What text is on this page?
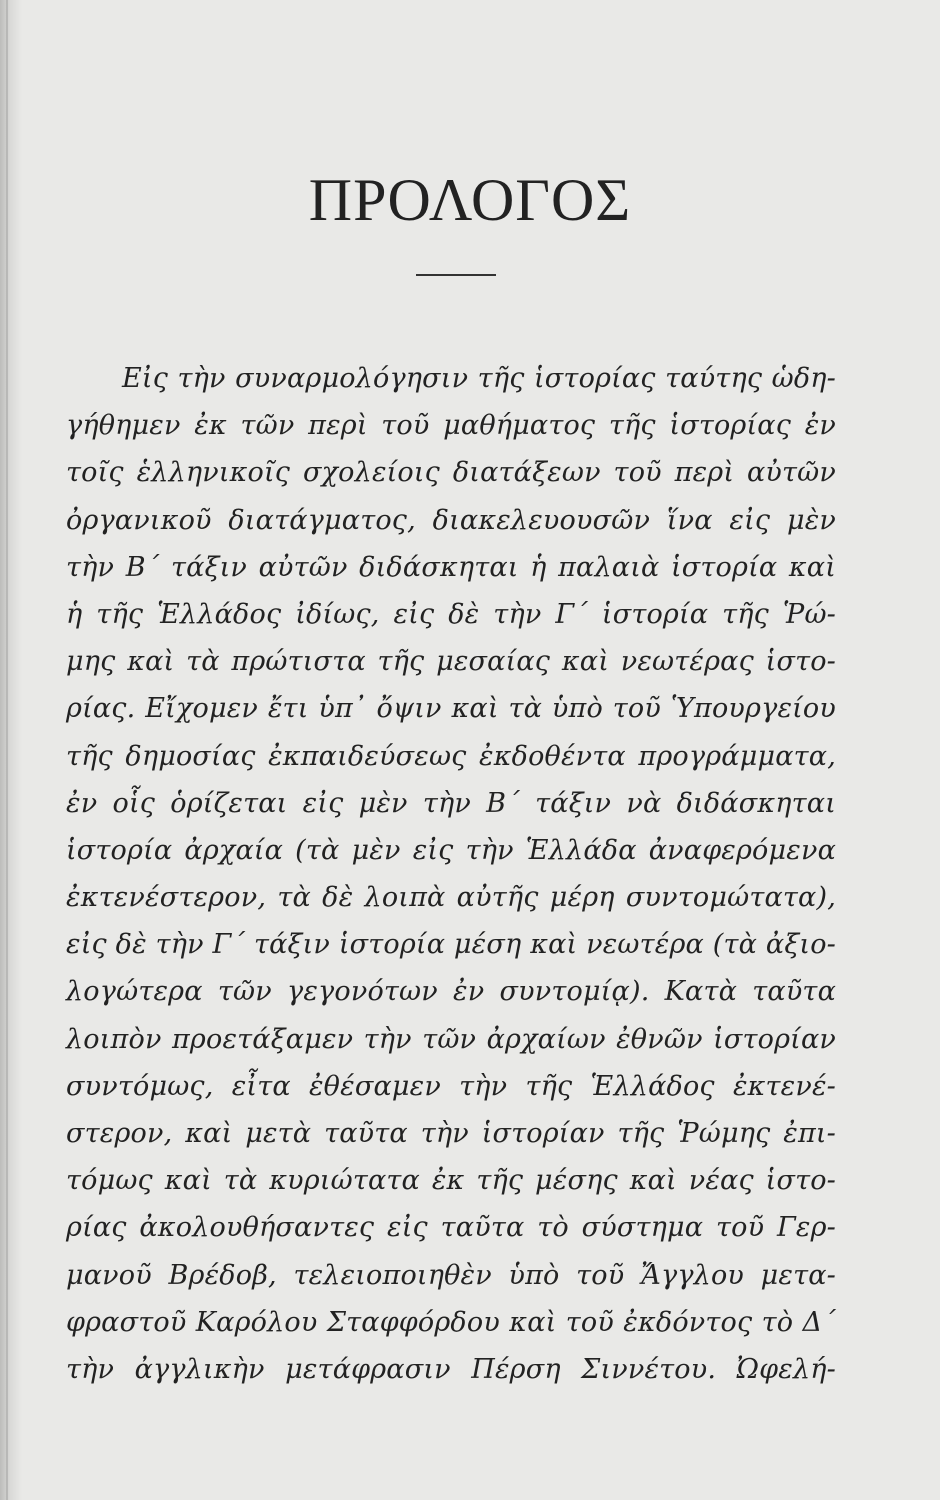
ΠΡΟΛΟΓΟΣ
Εἰς τὴν συναρμολόγησιν τῆς ἱστορίας ταύτης ὡδη-
γήθημεν ἐκ τῶν περὶ τοῦ μαθήματος τῆς ἱστορίας ἐν
τοῖς ἑλληνικοῖς σχολείοις διατάξεων τοῦ περὶ αὐτῶν
ὀργανικοῦ διατάγματος, διακελευουσῶν ἵνα εἰς μὲν
τὴν Β΄ τάξιν αὐτῶν διδάσκηται ἡ παλαιὰ ἱστορία καὶ
ἡ τῆς Ἑλλάδος ἰδίως, εἰς δὲ τὴν Γ΄ ἱστορία τῆς Ῥώ-
μης καὶ τὰ πρώτιστα τῆς μεσαίας καὶ νεωτέρας ἱστο-
ρίας. Εἴχομεν ἔτι ὑπ᾿ ὄψιν καὶ τὰ ὑπὸ τοῦ Ὑπουργείου
τῆς δημοσίας ἐκπαιδεύσεως ἐκδοθέντα προγράμματα,
ἐν οἷς ὁρίζεται εἰς μὲν τὴν Β΄ τάξιν νὰ διδάσκηται
ἱστορία ἀρχαία (τὰ μὲν εἰς τὴν Ἑλλάδα ἀναφερόμενα
ἐκτενέστερον, τὰ δὲ λοιπὰ αὐτῆς μέρη συντομώτατα),
εἰς δὲ τὴν Γ΄ τάξιν ἱστορία μέση καὶ νεωτέρα (τὰ ἀξιο-
λογώτερα τῶν γεγονότων ἐν συντομίᾳ). Κατὰ ταῦτα
λοιπὸν προετάξαμεν τὴν τῶν ἀρχαίων ἐθνῶν ἱστορίαν
συντόμως, εἶτα ἐθέσαμεν τὴν τῆς Ἑλλάδος ἐκτενέ-
στερον, καὶ μετὰ ταῦτα τὴν ἱστορίαν τῆς Ῥώμης ἐπι-
τόμως καὶ τὰ κυριώτατα ἐκ τῆς μέσης καὶ νέας ἱστο-
ρίας ἀκολουθήσαντες εἰς ταῦτα τὸ σύστημα τοῦ Γερ-
μανοῦ Βρέδοβ, τελειοποιηθὲν ὑπὸ τοῦ Ἄγγλου μετα-
φραστοῦ Καρόλου Σταφφόρδου καὶ τοῦ ἐκδόντος τὸ Δ΄
τὴν ἀγγλικὴν μετάφρασιν Πέρση Σιννέτου. Ὠφελή-
